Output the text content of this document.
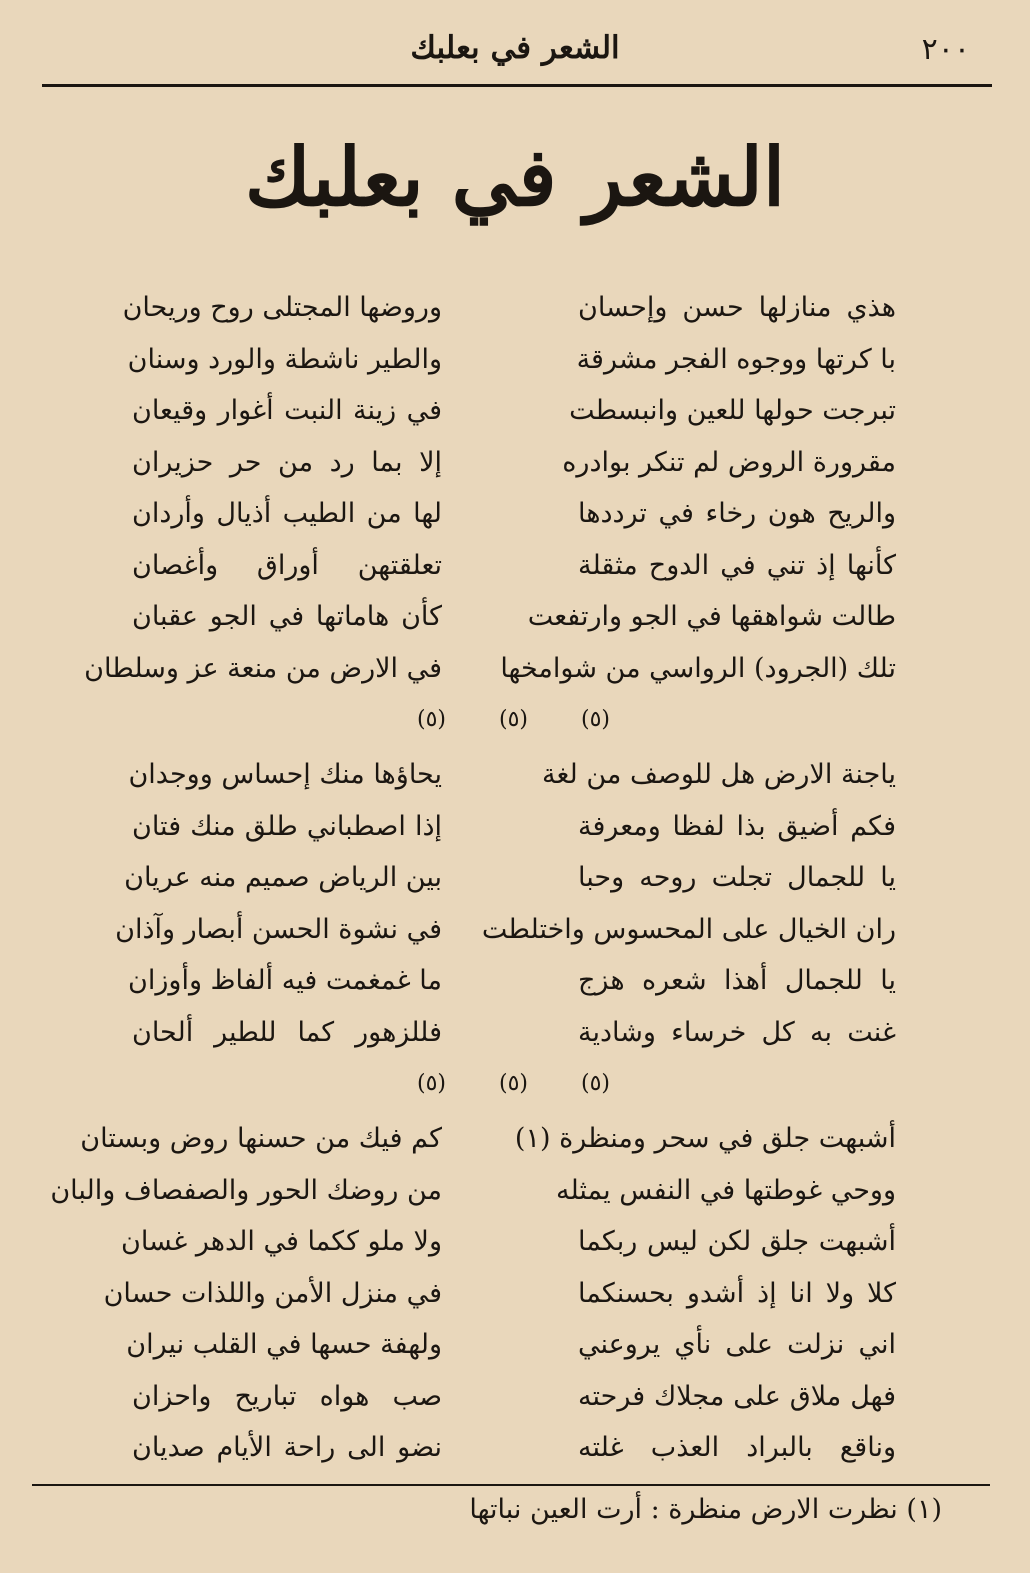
٢٠٠
الشعر في بعلبك
الشعر في بعلبك
هذي منازلها حسن وإحسان
وروضها المجتلى روح وريحان
با كرتها ووجوه الفجر مشرقة
والطير ناشطة والورد وسنان
تبرجت حولها للعين وانبسطت
في زينة النبت أغوار وقيعان
مقرورة الروض لم تنكر بوادره
إلا بما رد من حر حزيران
والريح هون رخاء في ترددها
لها من الطيب أذيال وأردان
كأنها إذ تني في الدوح مثقلة
تعلقتهن أوراق وأغصان
طالت شواهقها في الجو وارتفعت
كأن هاماتها في الجو عقبان
تلك (الجرود) الرواسي من شوامخها
في الارض من منعة عز وسلطان
(٥)
(٥)
(٥)
ياجنة الارض هل للوصف من لغة
يحاؤها منك إحساس ووجدان
فكم أضيق بذا لفظا ومعرفة
إذا اصطباني طلق منك فتان
يا للجمال تجلت روحه وحبا
بين الرياض صميم منه عريان
ران الخيال على المحسوس واختلطت
في نشوة الحسن أبصار وآذان
يا للجمال أهذا شعره هزج
ما غمغمت فيه ألفاظ وأوزان
غنت به كل خرساء وشادية
فللزهور كما للطير ألحان
(٥)
(٥)
(٥)
أشبهت جلق في سحر ومنظرة (١)
كم فيك من حسنها روض وبستان
ووحي غوطتها في النفس يمثله
من روضك الحور والصفصاف والبان
أشبهت جلق لكن ليس ربكما
ولا ملو ككما في الدهر غسان
كلا ولا انا إذ أشدو بحسنكما
في منزل الأمن واللذات حسان
اني نزلت على نأي يروعني
ولهفة حسها في القلب نيران
فهل ملاق على مجلاك فرحته
صب هواه تباريح واحزان
وناقع بالبراد العذب غلته
نضو الى راحة الأيام صديان
(١) نظرت الارض منظرة : أرت العين نباتها
